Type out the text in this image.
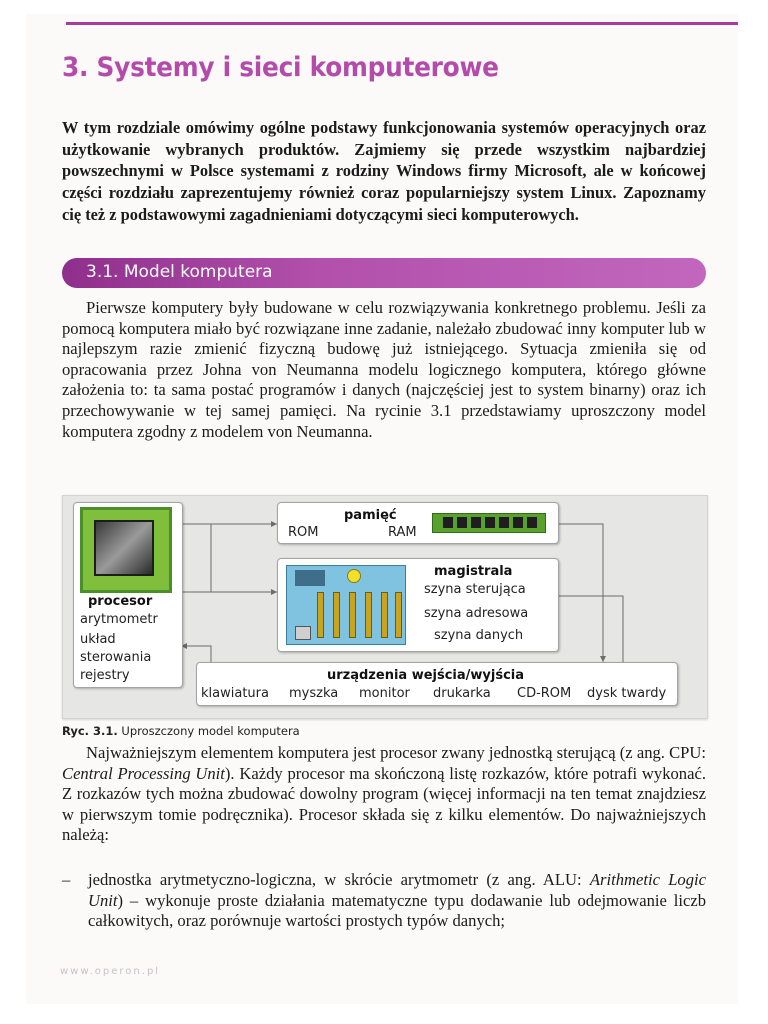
3. Systemy i sieci komputerowe

W tym rozdziale omówimy ogólne podstawy funkcjonowania systemów operacyjnych oraz użytkowanie wybranych produktów. Zajmiemy się przede wszystkim najbardziej powszechnymi w Polsce systemami z rodziny Windows firmy Microsoft, ale w końcowej części rozdziału zaprezentujemy również coraz popularniejszy system Linux. Zapoznamy cię też z podstawowymi zagadnieniami dotyczącymi sieci komputerowych.

3.1. Model komputera

Pierwsze komputery były budowane w celu rozwiązywania konkretnego problemu. Jeśli za pomocą komputera miało być rozwiązane inne zadanie, należało zbudować inny komputer lub w najlepszym razie zmienić fizyczną budowę już istniejącego. Sytuacja zmieniła się od opracowania przez Johna von Neumanna modelu logicznego komputera, którego główne założenia to: ta sama postać programów i danych (najczęściej jest to system binarny) oraz ich przechowywanie w tej samej pamięci. Na rycinie 3.1 przedstawiamy uproszczony model komputera zgodny z modelem von Neumanna.

procesor
arytmometr
układ
sterowania
rejestry
pamięć
ROM	RAM
magistrala
szyna sterująca
szyna adresowa
szyna danych
urządzenia wejścia/wyjścia
klawiatura myszka monitor drukarka CD-ROM dysk twardy
Ryc. 3.1. Uproszczony model komputera

Najważniejszym elementem komputera jest procesor zwany jednostką sterującą (z ang. CPU: Central Processing Unit). Każdy procesor ma skończoną listę rozkazów, które potrafi wykonać. Z rozkazów tych można zbudować dowolny program (więcej informacji na ten temat znajdziesz w pierwszym tomie podręcznika). Procesor składa się z kilku elementów. Do najważniejszych należą:

– jednostka arytmetyczno-logiczna, w skrócie arytmometr (z ang. ALU: Arithmetic Logic Unit) – wykonuje proste działania matematyczne typu dodawanie lub odejmowanie liczb całkowitych, oraz porównuje wartości prostych typów danych;
www.operon.pl
